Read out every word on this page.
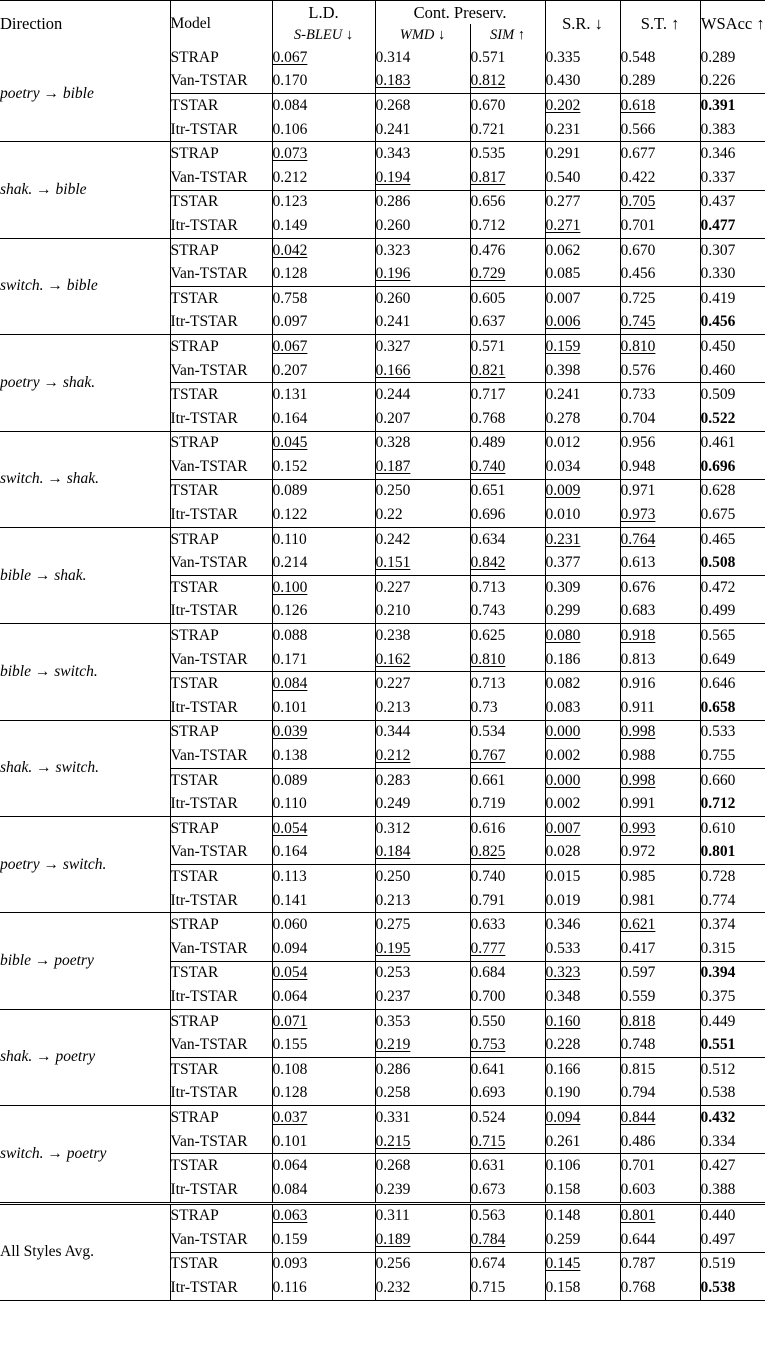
Direction	Model	L.D.	Cont. Preserv.		S.R. ↓	S.T. ↑	WSAcc ↑
		S-BLEU ↓	WMD ↓	SIM ↑			

poetry → bible	STRAP	0.067	0.314	0.571	0.335	0.548	0.289
	Van-TSTAR	0.170	0.183	0.812	0.430	0.289	0.226
	TSTAR	0.084	0.268	0.670	0.202	0.618	0.391
	Itr-TSTAR	0.106	0.241	0.721	0.231	0.566	0.383

shak. → bible	STRAP	0.073	0.343	0.535	0.291	0.677	0.346
	Van-TSTAR	0.212	0.194	0.817	0.540	0.422	0.337
	TSTAR	0.123	0.286	0.656	0.277	0.705	0.437
	Itr-TSTAR	0.149	0.260	0.712	0.271	0.701	0.477

switch. → bible	STRAP	0.042	0.323	0.476	0.062	0.670	0.307
	Van-TSTAR	0.128	0.196	0.729	0.085	0.456	0.330
	TSTAR	0.758	0.260	0.605	0.007	0.725	0.419
	Itr-TSTAR	0.097	0.241	0.637	0.006	0.745	0.456

poetry → shak.	STRAP	0.067	0.327	0.571	0.159	0.810	0.450
	Van-TSTAR	0.207	0.166	0.821	0.398	0.576	0.460
	TSTAR	0.131	0.244	0.717	0.241	0.733	0.509
	Itr-TSTAR	0.164	0.207	0.768	0.278	0.704	0.522

switch. → shak.	STRAP	0.045	0.328	0.489	0.012	0.956	0.461
	Van-TSTAR	0.152	0.187	0.740	0.034	0.948	0.696
	TSTAR	0.089	0.250	0.651	0.009	0.971	0.628
	Itr-TSTAR	0.122	0.22	0.696	0.010	0.973	0.675

bible → shak.	STRAP	0.110	0.242	0.634	0.231	0.764	0.465
	Van-TSTAR	0.214	0.151	0.842	0.377	0.613	0.508
	TSTAR	0.100	0.227	0.713	0.309	0.676	0.472
	Itr-TSTAR	0.126	0.210	0.743	0.299	0.683	0.499

bible → switch.	STRAP	0.088	0.238	0.625	0.080	0.918	0.565
	Van-TSTAR	0.171	0.162	0.810	0.186	0.813	0.649
	TSTAR	0.084	0.227	0.713	0.082	0.916	0.646
	Itr-TSTAR	0.101	0.213	0.73	0.083	0.911	0.658

shak. → switch.	STRAP	0.039	0.344	0.534	0.000	0.998	0.533
	Van-TSTAR	0.138	0.212	0.767	0.002	0.988	0.755
	TSTAR	0.089	0.283	0.661	0.000	0.998	0.660
	Itr-TSTAR	0.110	0.249	0.719	0.002	0.991	0.712

poetry → switch.	STRAP	0.054	0.312	0.616	0.007	0.993	0.610
	Van-TSTAR	0.164	0.184	0.825	0.028	0.972	0.801
	TSTAR	0.113	0.250	0.740	0.015	0.985	0.728
	Itr-TSTAR	0.141	0.213	0.791	0.019	0.981	0.774

bible → poetry	STRAP	0.060	0.275	0.633	0.346	0.621	0.374
	Van-TSTAR	0.094	0.195	0.777	0.533	0.417	0.315
	TSTAR	0.054	0.253	0.684	0.323	0.597	0.394
	Itr-TSTAR	0.064	0.237	0.700	0.348	0.559	0.375

shak. → poetry	STRAP	0.071	0.353	0.550	0.160	0.818	0.449
	Van-TSTAR	0.155	0.219	0.753	0.228	0.748	0.551
	TSTAR	0.108	0.286	0.641	0.166	0.815	0.512
	Itr-TSTAR	0.128	0.258	0.693	0.190	0.794	0.538

switch. → poetry	STRAP	0.037	0.331	0.524	0.094	0.844	0.432
	Van-TSTAR	0.101	0.215	0.715	0.261	0.486	0.334
	TSTAR	0.064	0.268	0.631	0.106	0.701	0.427
	Itr-TSTAR	0.084	0.239	0.673	0.158	0.603	0.388

All Styles Avg.	STRAP	0.063	0.311	0.563	0.148	0.801	0.440
	Van-TSTAR	0.159	0.189	0.784	0.259	0.644	0.497
	TSTAR	0.093	0.256	0.674	0.145	0.787	0.519
	Itr-TSTAR	0.116	0.232	0.715	0.158	0.768	0.538
